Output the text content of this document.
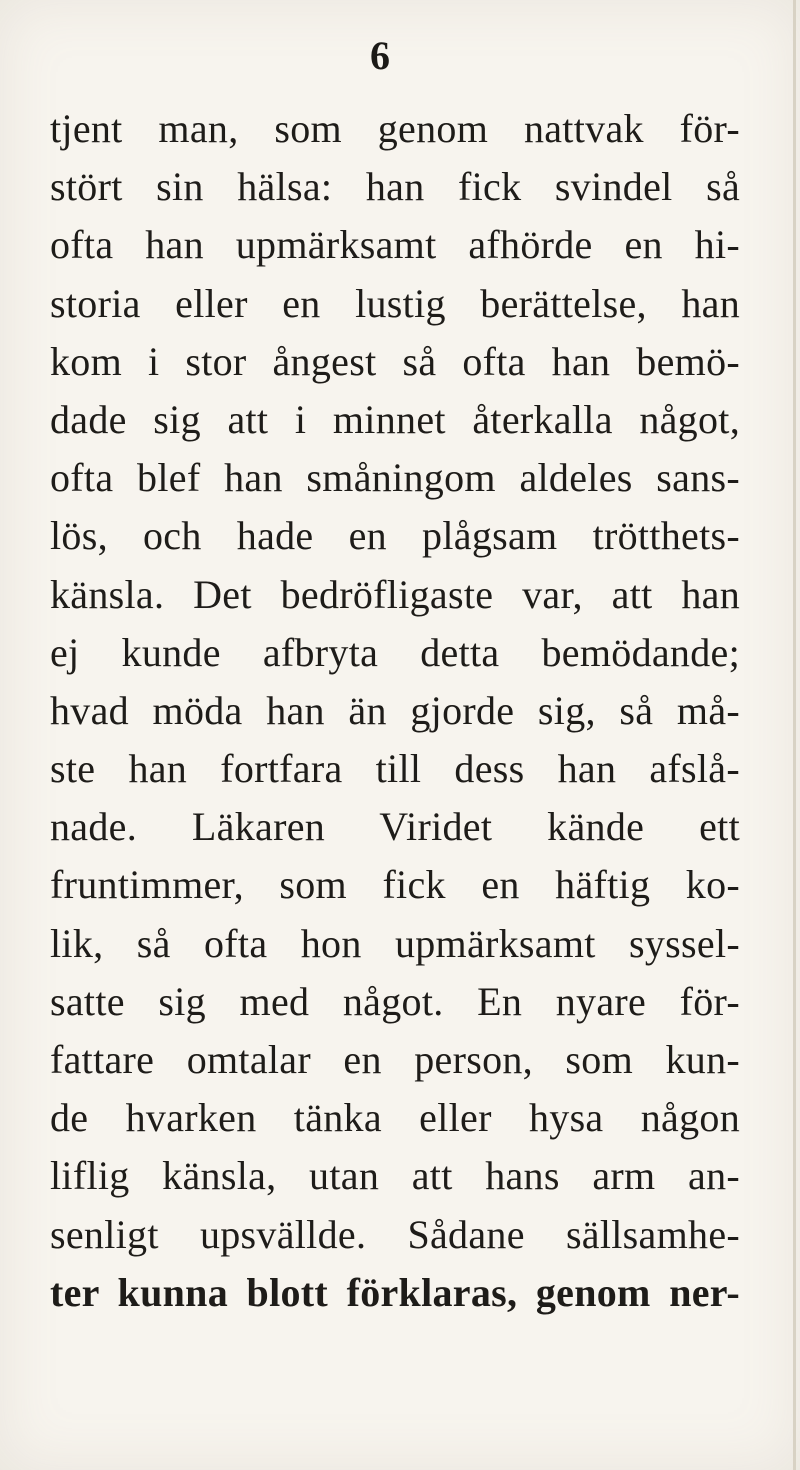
6
tjent man, som genom nattvak för-
stört sin hälsa: han fick svindel så
ofta han upmärksamt afhörde en hi-
storia eller en lustig berättelse, han
kom i stor ångest så ofta han bemö-
dade sig att i minnet återkalla något,
ofta blef han småningom aldeles sans-
lös, och hade en plågsam trötthets-
känsla. Det bedröfligaste var, att han
ej kunde afbryta detta bemödande;
hvad möda han än gjorde sig, så må-
ste han fortfara till dess han afslå-
nade. Läkaren Viridet kände ett
fruntimmer, som fick en häftig ko-
lik, så ofta hon upmärksamt syssel-
satte sig med något. En nyare för-
fattare omtalar en person, som kun-
de hvarken tänka eller hysa någon
liflig känsla, utan att hans arm an-
senligt upsvällde. Sådane sällsamhe-
ter kunna blott förklaras, genom ner-
